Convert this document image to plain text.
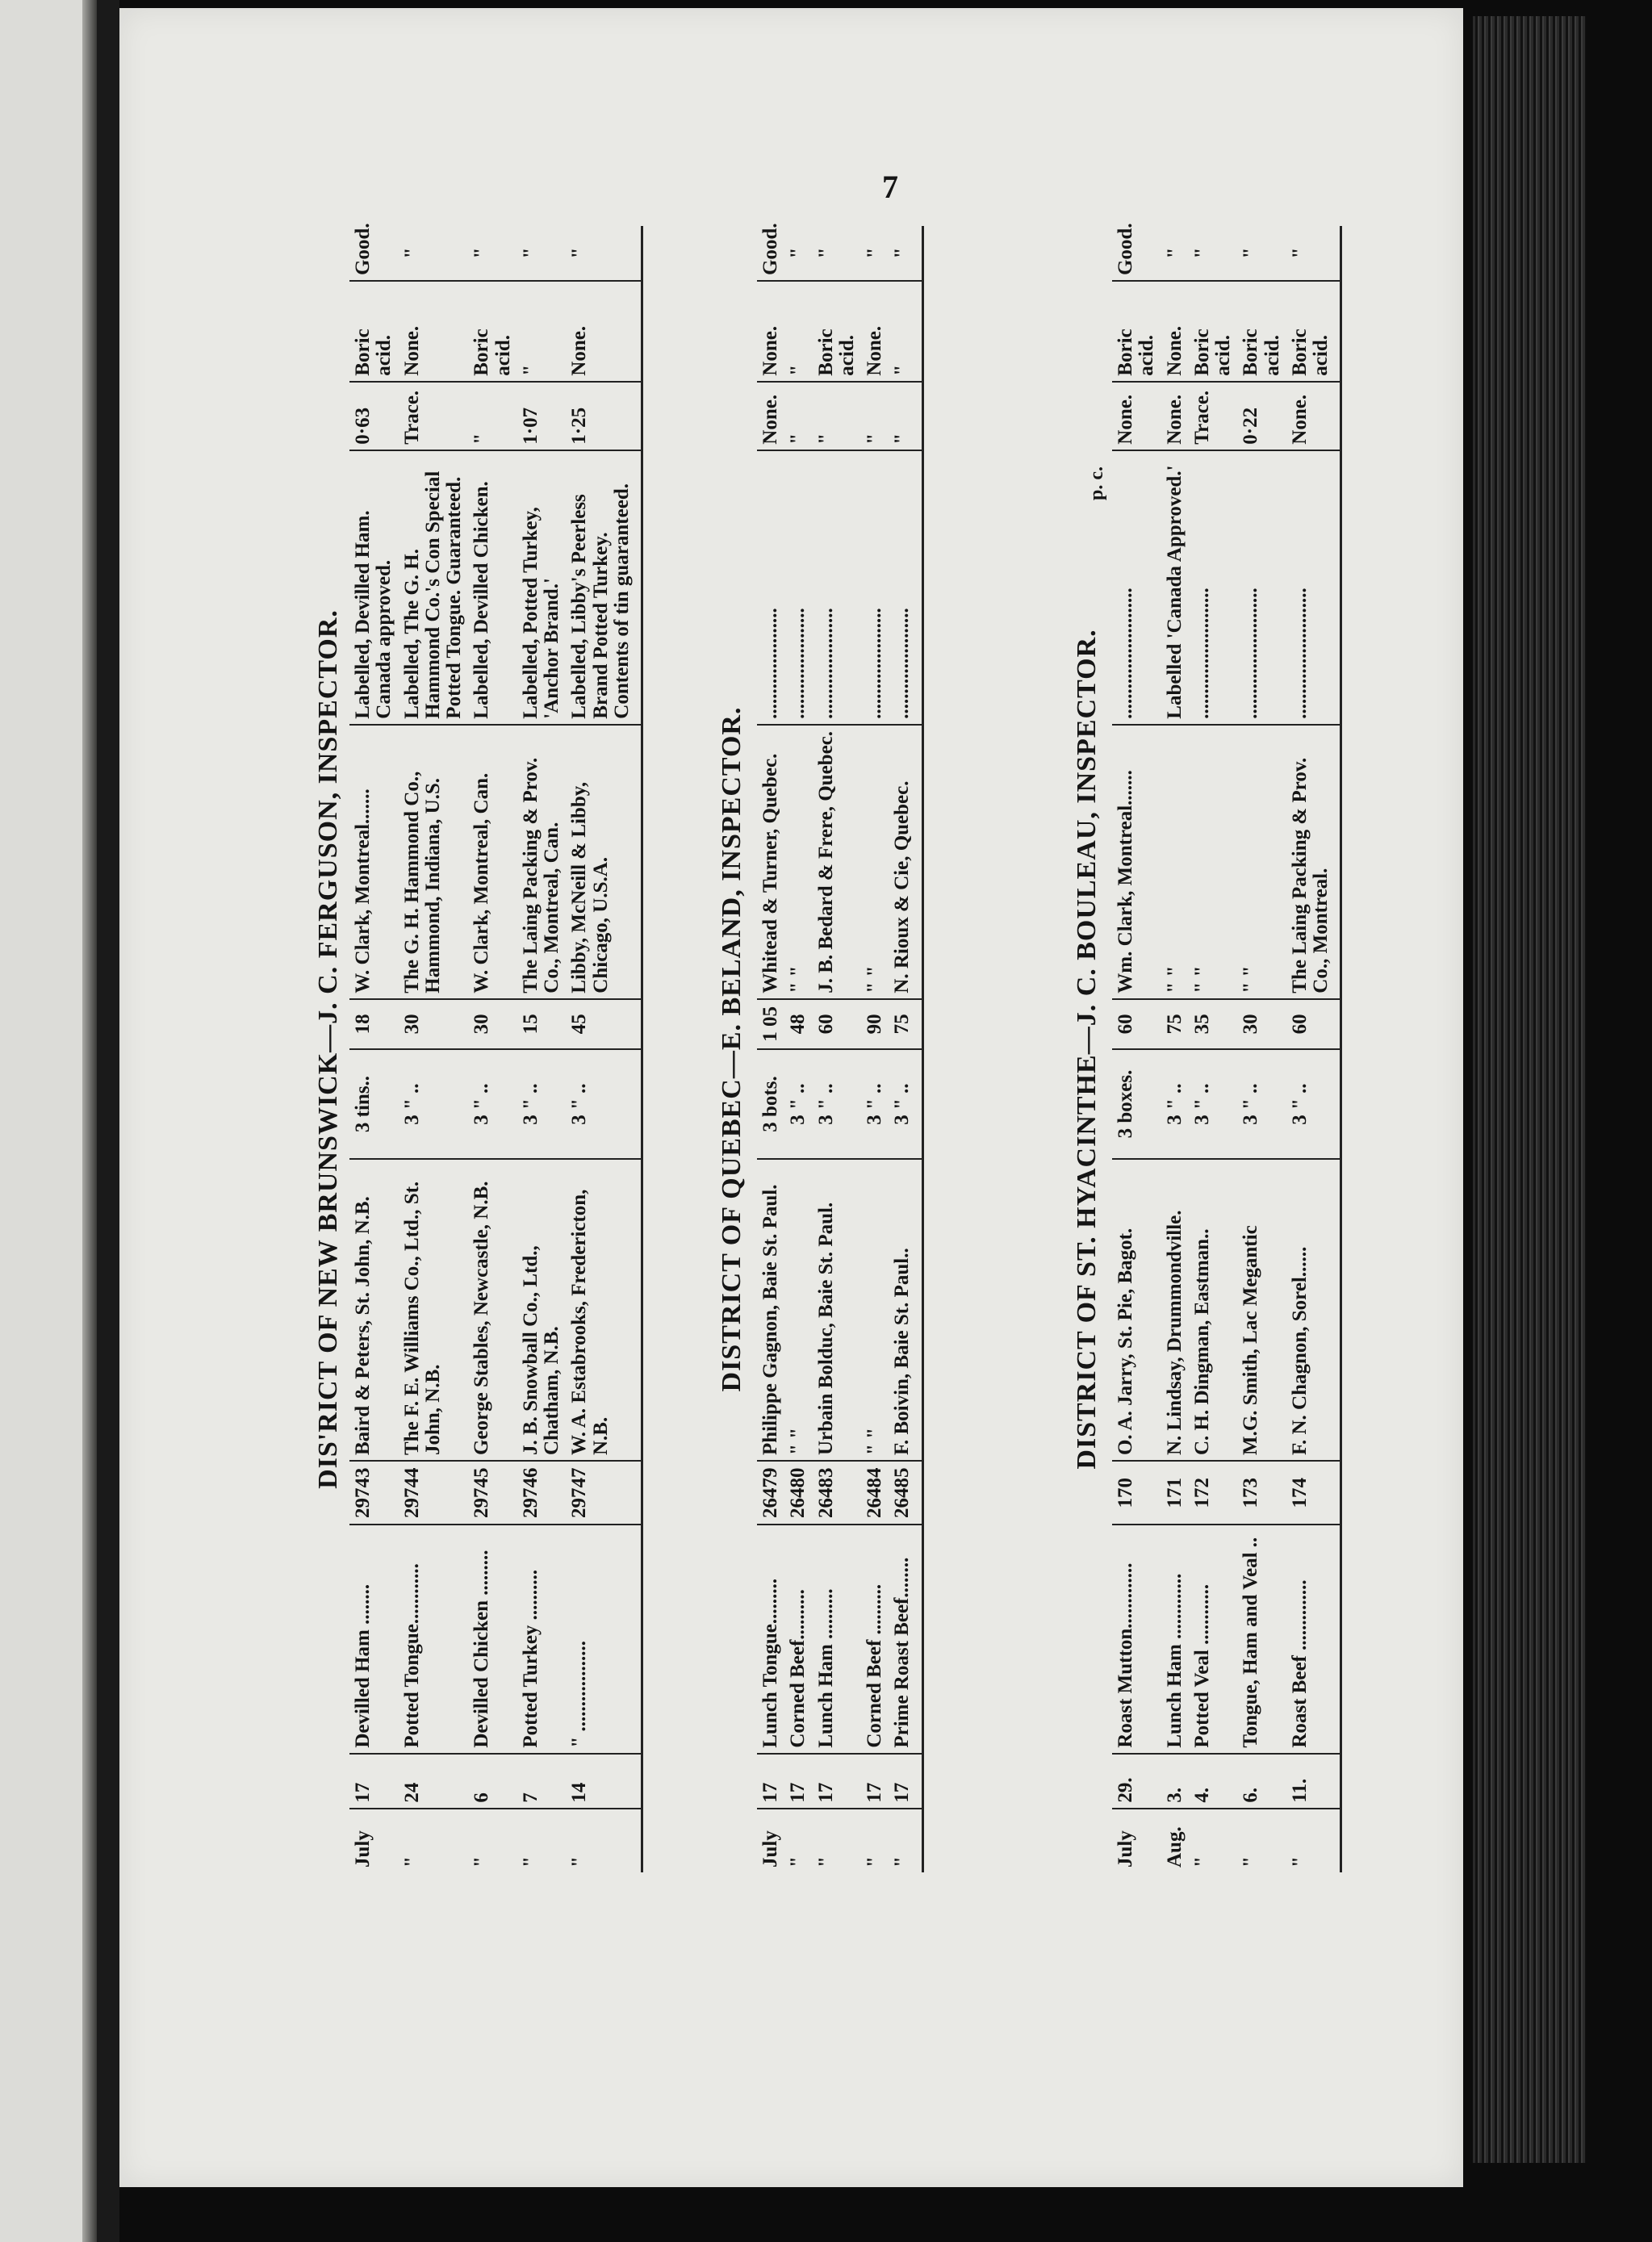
7
DIS'RICT OF NEW BRUNSWICK—J. C. FERGUSON, INSPECTOR.
July	17	Devilled Ham ........	29743	Baird & Peters, St. John, N.B.	3 tins..	18	W. Clark, Montreal.......	Labelled, Devilled Ham. Canada approved.	0·63	Boric acid.	Good.
"	24	Potted Tongue............	29744	The F. E. Williams Co., Ltd., St. John, N.B.	3 " ..	30	The G. H. Hammond Co., Hammond, Indiana, U.S.	Labelled, The G. H. Hammond Co.'s Con Special Potted Tongue. Guaranteed.	Trace.	None.	"
"	6	Devilled Chicken .........	29745	George Stables, Newcastle, N.B.	3 " ..	30	W. Clark, Montreal, Can.	Labelled, Devilled Chicken.	"	Boric acid.	"
"	7	Potted Turkey ..........	29746	J. B. Snowball Co., Ltd., Chatham, N.B.	3 " ..	15	The Laing Packing & Prov. Co., Montreal, Can.	Labelled, Potted Turkey, 'Anchor Brand.'	1·07	"	"
"	14	" ..................	29747	W. A. Estabrooks, Fredericton, N.B.	3 " ..	45	Libby, McNeill & Libby, Chicago, U.S.A.	Labelled, Libby's Peerless Brand Potted Turkey. Contents of tin guaranteed.	1·25	None.	"
DISTRICT OF QUEBEC—E. BELAND, INSPECTOR.
July	17	Lunch Tongue.........	26479	Philippe Gagnon, Baie St. Paul.	3 bots.	1 05	Whitead & Turner, Quebec.	......................	None.	None.	Good.
"	17	Corned Beef..........	26480	" "	3 " ..	48	" "	......................	"	"	"
"	17	Lunch Ham ..........	26483	Urbain Bolduc, Baie St. Paul.	3 " ..	60	J. B. Bedard & Frere, Quebec.	......................	"	Boric acid.	"
"	17	Corned Beef ..........	26484	" "	3 " ..	90	" "	......................	"	None.	"
"	17	Prime Roast Beef........	26485	F. Boivin, Baie St. Paul..	3 " ..	75	N. Rioux & Cie, Quebec.	......................	"	"	"
DISTRICT OF ST. HYACINTHE—J. C. BOULEAU, INSPECTOR.
p. c.
July	29.	Roast Mutton.............	170	O. A. Jarry, St. Pie, Bagot.	3 boxes.	60	Wm. Clark, Montreal.......	..........................	None.	Boric acid.	Good.
Aug.	3.	Lunch Ham .............	171	N. Lindsay, Drummondville.	3 " ..	75	" "	Labelled 'Canada Approved.'	None.	None.	"
"	4.	Potted Veal ............	172	C. H. Dingman, Eastman..	3 " ..	35	" "	..........................	Trace.	Boric acid.	"
"	6.	Tongue, Ham and Veal ..	173	M.G. Smith, Lac Megantic	3 " ..	30	" "	..........................	0·22	Boric acid.	"
"	11.	Roast Beef ..............	174	F. N. Chagnon, Sorel......	3 " ..	60	The Laing Packing & Prov. Co., Montreal.	..........................	None.	Boric acid.	"
